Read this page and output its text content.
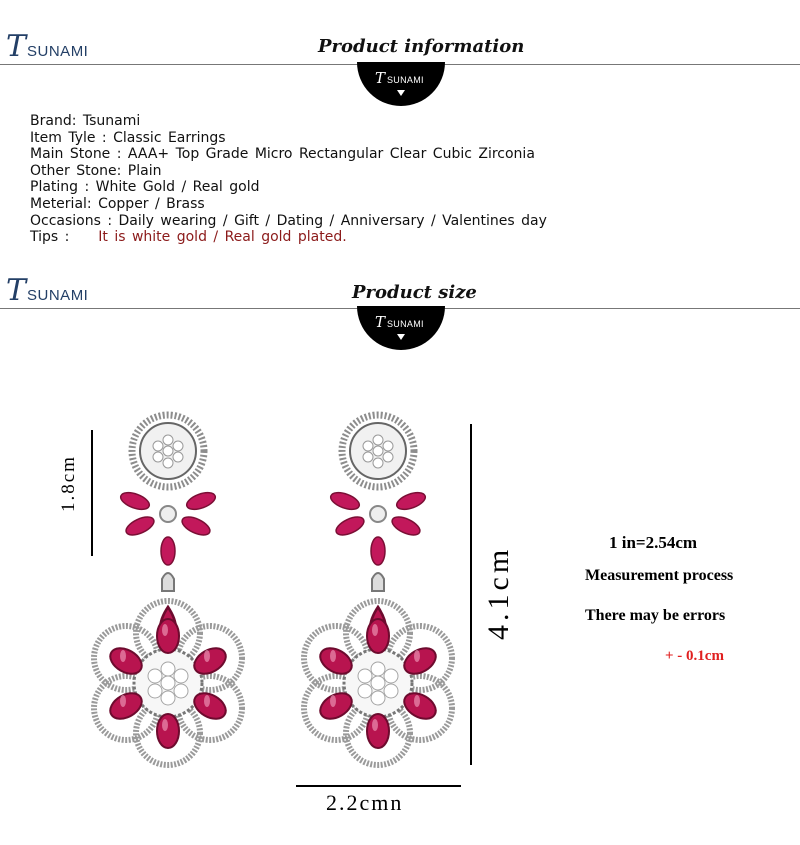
T SUNAMI	Product information
T SUNAMI
Brand: Tsunami
Item Tyle : Classic Earrings
Main Stone : AAA+ Top Grade Micro Rectangular Clear Cubic Zirconia
Other Stone: Plain
Plating : White Gold / Real gold
Meterial: Copper / Brass
Occasions : Daily wearing / Gift / Dating / Anniversary / Valentines day
Tips : It is white gold / Real gold plated.
T SUNAMI	Product size
T SUNAMI
1.8cm
4.1cm
2.2cmn
1 in=2.54cm
Measurement process
There may be errors
+ - 0.1cm
